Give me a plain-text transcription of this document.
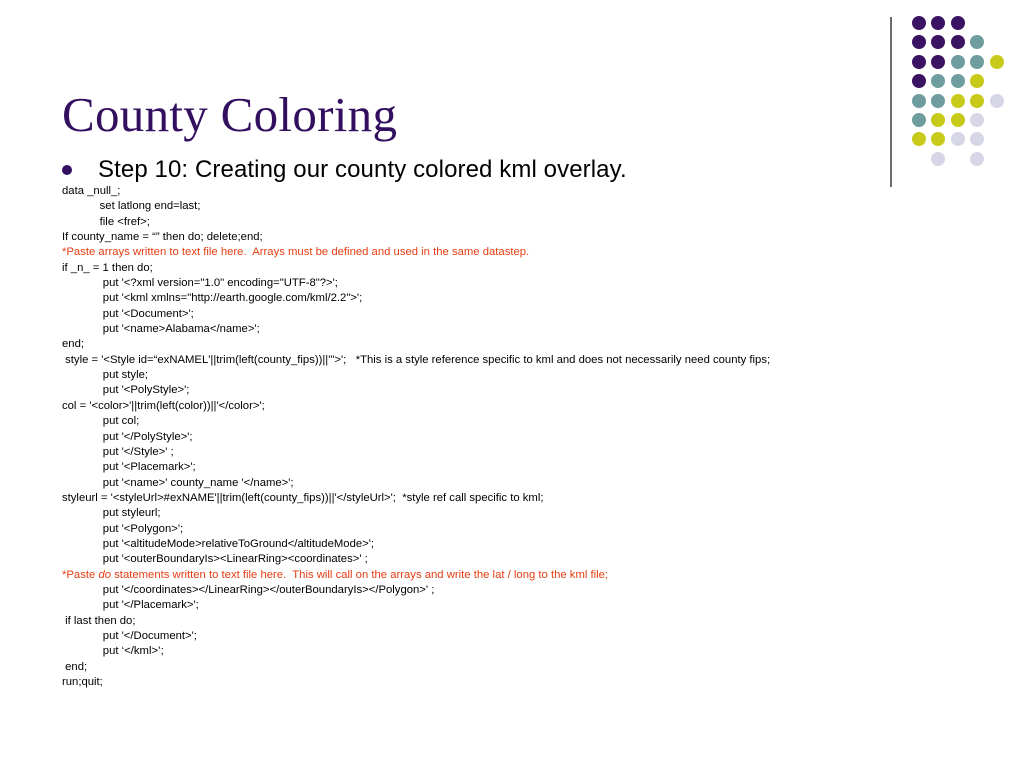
County Coloring
Step 10: Creating our county colored kml overlay.
data _null_;
set latlong end=last;
file <fref>;
If county_name = “” then do; delete;end;
*Paste arrays written to text file here.  Arrays must be defined and used in the same datastep.
if _n_ = 1 then do;
put '<?xml version="1.0" encoding="UTF-8"?>';
put '<kml xmlns="http://earth.google.com/kml/2.2">';
put '<Document>';
put '<name>Alabama</name>';
end;
style = '<Style id=“exNAMEL'||trim(left(county_fips))||'">';   *This is a style reference specific to kml and does not necessarily need county fips;
put style;
put '<PolyStyle>';
col = '<color>'||trim(left(color))||'</color>';
put col;
put '</PolyStyle>';
put '</Style>' ;
put '<Placemark>';
put '<name>' county_name '</name>';
styleurl = '<styleUrl>#exNAME'||trim(left(county_fips))||'</styleUrl>';  *style ref call specific to kml;
put styleurl;
put '<Polygon>';
put '<altitudeMode>relativeToGround</altitudeMode>';
put '<outerBoundaryIs><LinearRing><coordinates>' ;
*Paste do statements written to text file here.  This will call on the arrays and write the lat / long to the kml file;
put '</coordinates></LinearRing></outerBoundaryIs></Polygon>' ;
put '</Placemark>';
if last then do;
put '</Document>';
put ‘</kml>’;
end;
run;quit;
